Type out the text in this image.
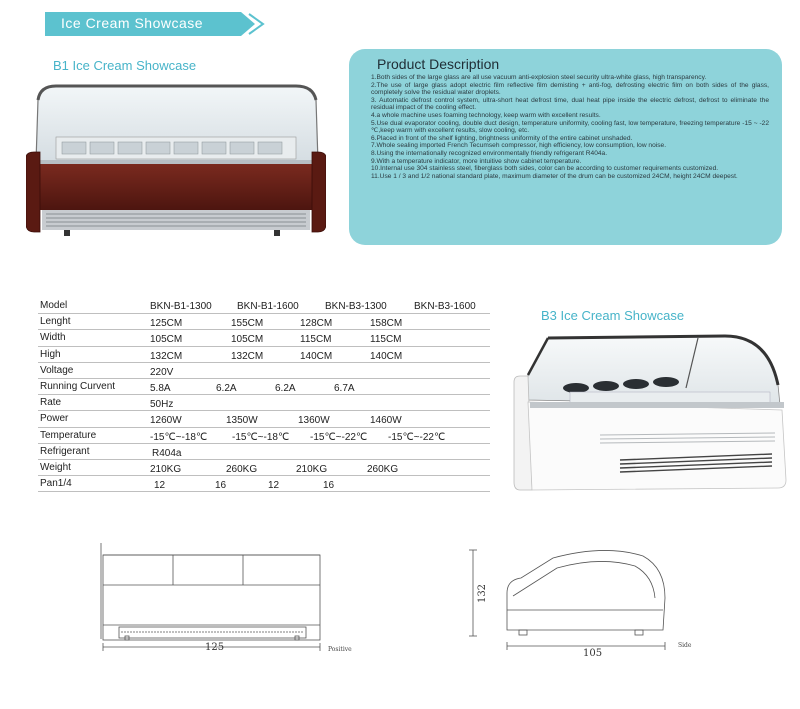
Ice Cream Showcase
B1 Ice Cream Showcase	Product Description

1.Both sides of the large glass are all use vacuum anti-explosion steel security ultra-white glass, high transparency.

2.The use of large glass adopt electric film reflective film demisting + anti-fog, defrosting electric film on both sides of the glass, completely solve the residual water droplets.

3. Automatic defrost control system, ultra-short heat defrost time, dual heat pipe inside the electric defrost, defrost to eliminate the residual impact of the cooling effect.

4.a whole machine uses foaming technology, keep warm with excellent results.

5.Use dual evaporator cooling, double duct design, temperature uniformity, cooling fast, low temperature, freezing temperature -15 ~ -22 ℃,keep warm with excellent results, slow cooling, etc.

6.Placed in front of the shelf lighting, brightness uniformity of the entire cabinet unshaded.

7.Whole sealing imported French Tecumseh compressor, high efficiency, low consumption, low noise.

8.Using the internationally recognized environmentally friendly refrigerant R404a.

9.With a temperature indicator, more intuitive show cabinet temperature.

10.Internal use 304 stainless steel, fiberglass both sides, color can be according to customer requirements customized.

11.Use 1 / 3 and 1/2 national standard plate, maximum diameter of the drum can be customized 24CM, height 24CM deepest.

Model	BKN-B1-1300	BKN-B1-1600	BKN-B3-1300	BKN-B3-1600
Lenght	125CM	155CM	128CM	158CM
Width	105CM	105CM	115CM	115CM
High	132CM	132CM	140CM	140CM
Voltage	220V
Running Curvent	5.8A	6.2A	6.2A	6.7A
Rate	50Hz
Power	1260W	1350W	1360W	1460W
Temperature	-15℃~-18℃ -15℃~-18℃ -15℃~-22℃ -15℃~-22℃
Refrigerant	R404a
Weight	210KG	260KG	210KG	260KG
Pan1/4	12	16	12	16
B3 Ice Cream Showcase
125	Positive
132
105
Side
